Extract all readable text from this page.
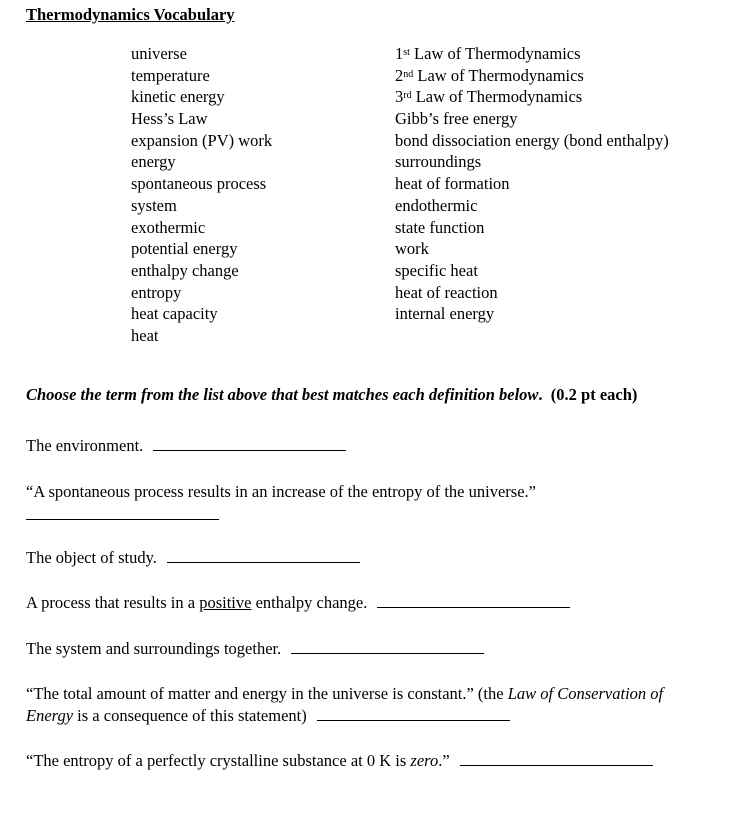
Thermodynamics Vocabulary
universe
temperature
kinetic energy
Hess’s Law
expansion (PV) work
energy
spontaneous process
system
exothermic
potential energy
enthalpy change
entropy
heat capacity
heat
1st Law of Thermodynamics
2nd Law of Thermodynamics
3rd Law of Thermodynamics
Gibb’s free energy
bond dissociation energy (bond enthalpy)
surroundings
heat of formation
endothermic
state function
work
specific heat
heat of reaction
internal energy
Choose the term from the list above that best matches each definition below. (0.2 pt each)
The environment.
“A spontaneous process results in an increase of the entropy of the universe.”
The object of study.
A process that results in a positive enthalpy change.
The system and surroundings together.
“The total amount of matter and energy in the universe is constant.” (the Law of Conservation of
Energy is a consequence of this statement)
“The entropy of a perfectly crystalline substance at 0 K is zero.”
